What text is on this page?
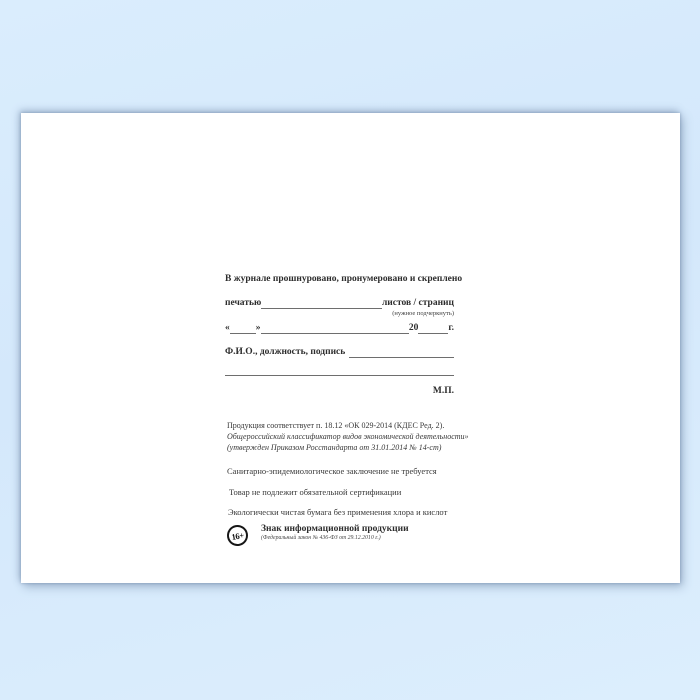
В журнале прошнуровано, пронумеровано и скреплено
печатью	листов / страниц
(нужное подчеркнуть)
«	»	20	г.
Ф.И.О., должность, подпись
М.П.
Продукция соответствует п. 18.12 «ОК 029-2014 (КДЕС Ред. 2).
Общероссийский классификатор видов экономической деятельности»
(утвержден Приказом Росстандарта от 31.01.2014 № 14-ст)
Санитарно-эпидемиологическое заключение не требуется
Товар не подлежит обязательной сертификации
Экологически чистая бумага без применения хлора и кислот
16+
Знак информационной продукции
(Федеральный закон № 436-ФЗ от 29.12.2010 г.)
